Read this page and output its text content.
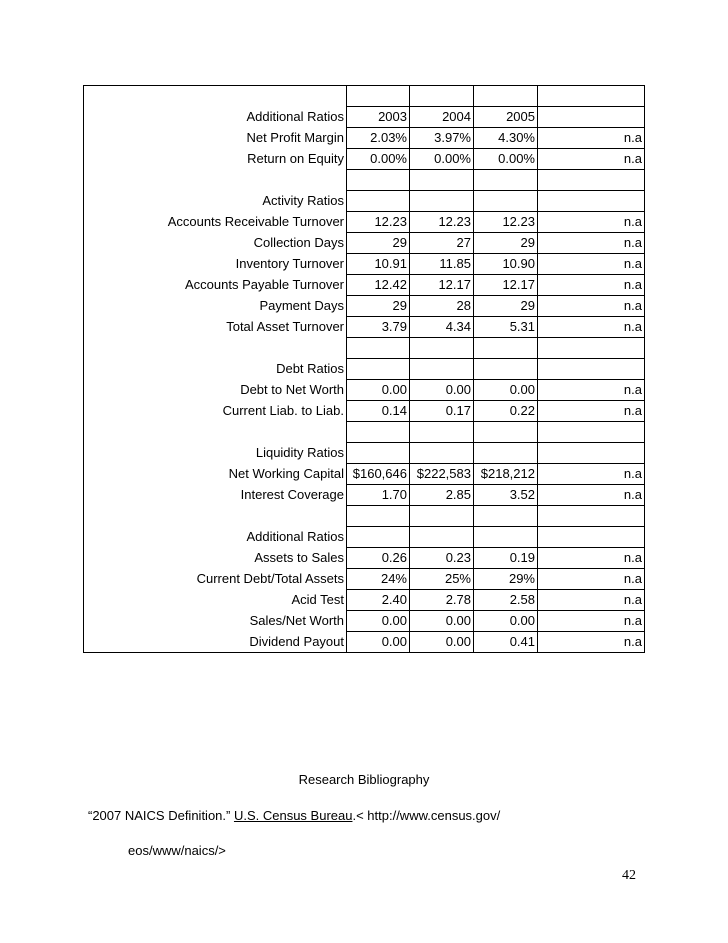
Additional Ratios	2003	2004	2005	
Net Profit Margin	2.03%	3.97%	4.30%	n.a
Return on Equity	0.00%	0.00%	0.00%	n.a

Activity Ratios				
Accounts Receivable Turnover	12.23	12.23	12.23	n.a
Collection Days	29	27	29	n.a
Inventory Turnover	10.91	11.85	10.90	n.a
Accounts Payable Turnover	12.42	12.17	12.17	n.a
Payment Days	29	28	29	n.a
Total Asset Turnover	3.79	4.34	5.31	n.a

Debt Ratios				
Debt to Net Worth	0.00	0.00	0.00	n.a
Current Liab. to Liab.	0.14	0.17	0.22	n.a

Liquidity Ratios				
Net Working Capital	$160,646	$222,583	$218,212	n.a
Interest Coverage	1.70	2.85	3.52	n.a

Additional Ratios				
Assets to Sales	0.26	0.23	0.19	n.a
Current Debt/Total Assets	24%	25%	29%	n.a
Acid Test	2.40	2.78	2.58	n.a
Sales/Net Worth	0.00	0.00	0.00	n.a
Dividend Payout	0.00	0.00	0.41	n.a
Research Bibliography
“2007 NAICS Definition.” U.S. Census Bureau.< http://www.census.gov/
eos/www/naics/>
42
